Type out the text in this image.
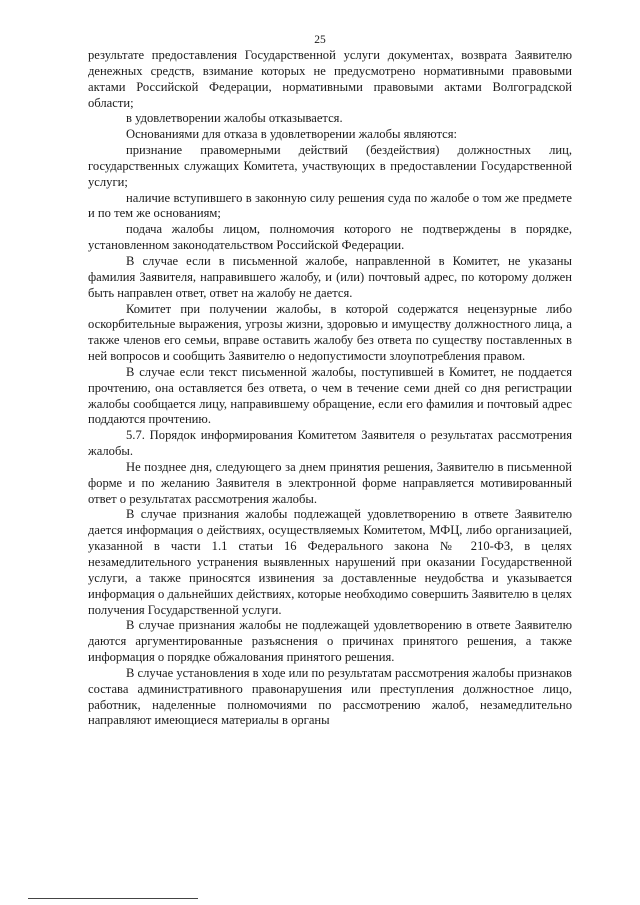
25

результате предоставления Государственной услуги документах, возврата Заявителю денежных средств, взимание которых не предусмотрено нормативными правовыми актами Российской Федерации, нормативными правовыми актами Волгоградской области;

в удовлетворении жалобы отказывается.

Основаниями для отказа в удовлетворении жалобы являются:

признание правомерными действий (бездействия) должностных лиц, государственных служащих Комитета, участвующих в предоставлении Государственной услуги;

наличие вступившего в законную силу решения суда по жалобе о том же предмете и по тем же основаниям;

подача жалобы лицом, полномочия которого не подтверждены в порядке, установленном законодательством Российской Федерации.

В случае если в письменной жалобе, направленной в Комитет, не указаны фамилия Заявителя, направившего жалобу, и (или) почтовый адрес, по которому должен быть направлен ответ, ответ на жалобу не дается.

Комитет при получении жалобы, в которой содержатся нецензурные либо оскорбительные выражения, угрозы жизни, здоровью и имуществу должностного лица, а также членов его семьи, вправе оставить жалобу без ответа по существу поставленных в ней вопросов и сообщить Заявителю о недопустимости злоупотребления правом.

В случае если текст письменной жалобы, поступившей в Комитет, не поддается прочтению, она оставляется без ответа, о чем в течение семи дней со дня регистрации жалобы сообщается лицу, направившему обращение, если его фамилия и почтовый адрес поддаются прочтению.

5.7. Порядок информирования Комитетом Заявителя о результатах рассмотрения жалобы.

Не позднее дня, следующего за днем принятия решения, Заявителю в письменной форме и по желанию Заявителя в электронной форме направляется мотивированный ответ о результатах рассмотрения жалобы.

В случае признания жалобы подлежащей удовлетворению в ответе Заявителю дается информация о действиях, осуществляемых Комитетом, МФЦ, либо организацией, указанной в части 1.1 статьи 16 Федерального закона № 210-ФЗ, в целях незамедлительного устранения выявленных нарушений при оказании Государственной услуги, а также приносятся извинения за доставленные неудобства и указывается информация о дальнейших действиях, которые необходимо совершить Заявителю в целях получения Государственной услуги.

В случае признания жалобы не подлежащей удовлетворению в ответе Заявителю даются аргументированные разъяснения о причинах принятого решения, а также информация о порядке обжалования принятого решения.

В случае установления в ходе или по результатам рассмотрения жалобы признаков состава административного правонарушения или преступления должностное лицо, работник, наделенные полномочиями по рассмотрению жалоб, незамедлительно направляют имеющиеся материалы в органы
